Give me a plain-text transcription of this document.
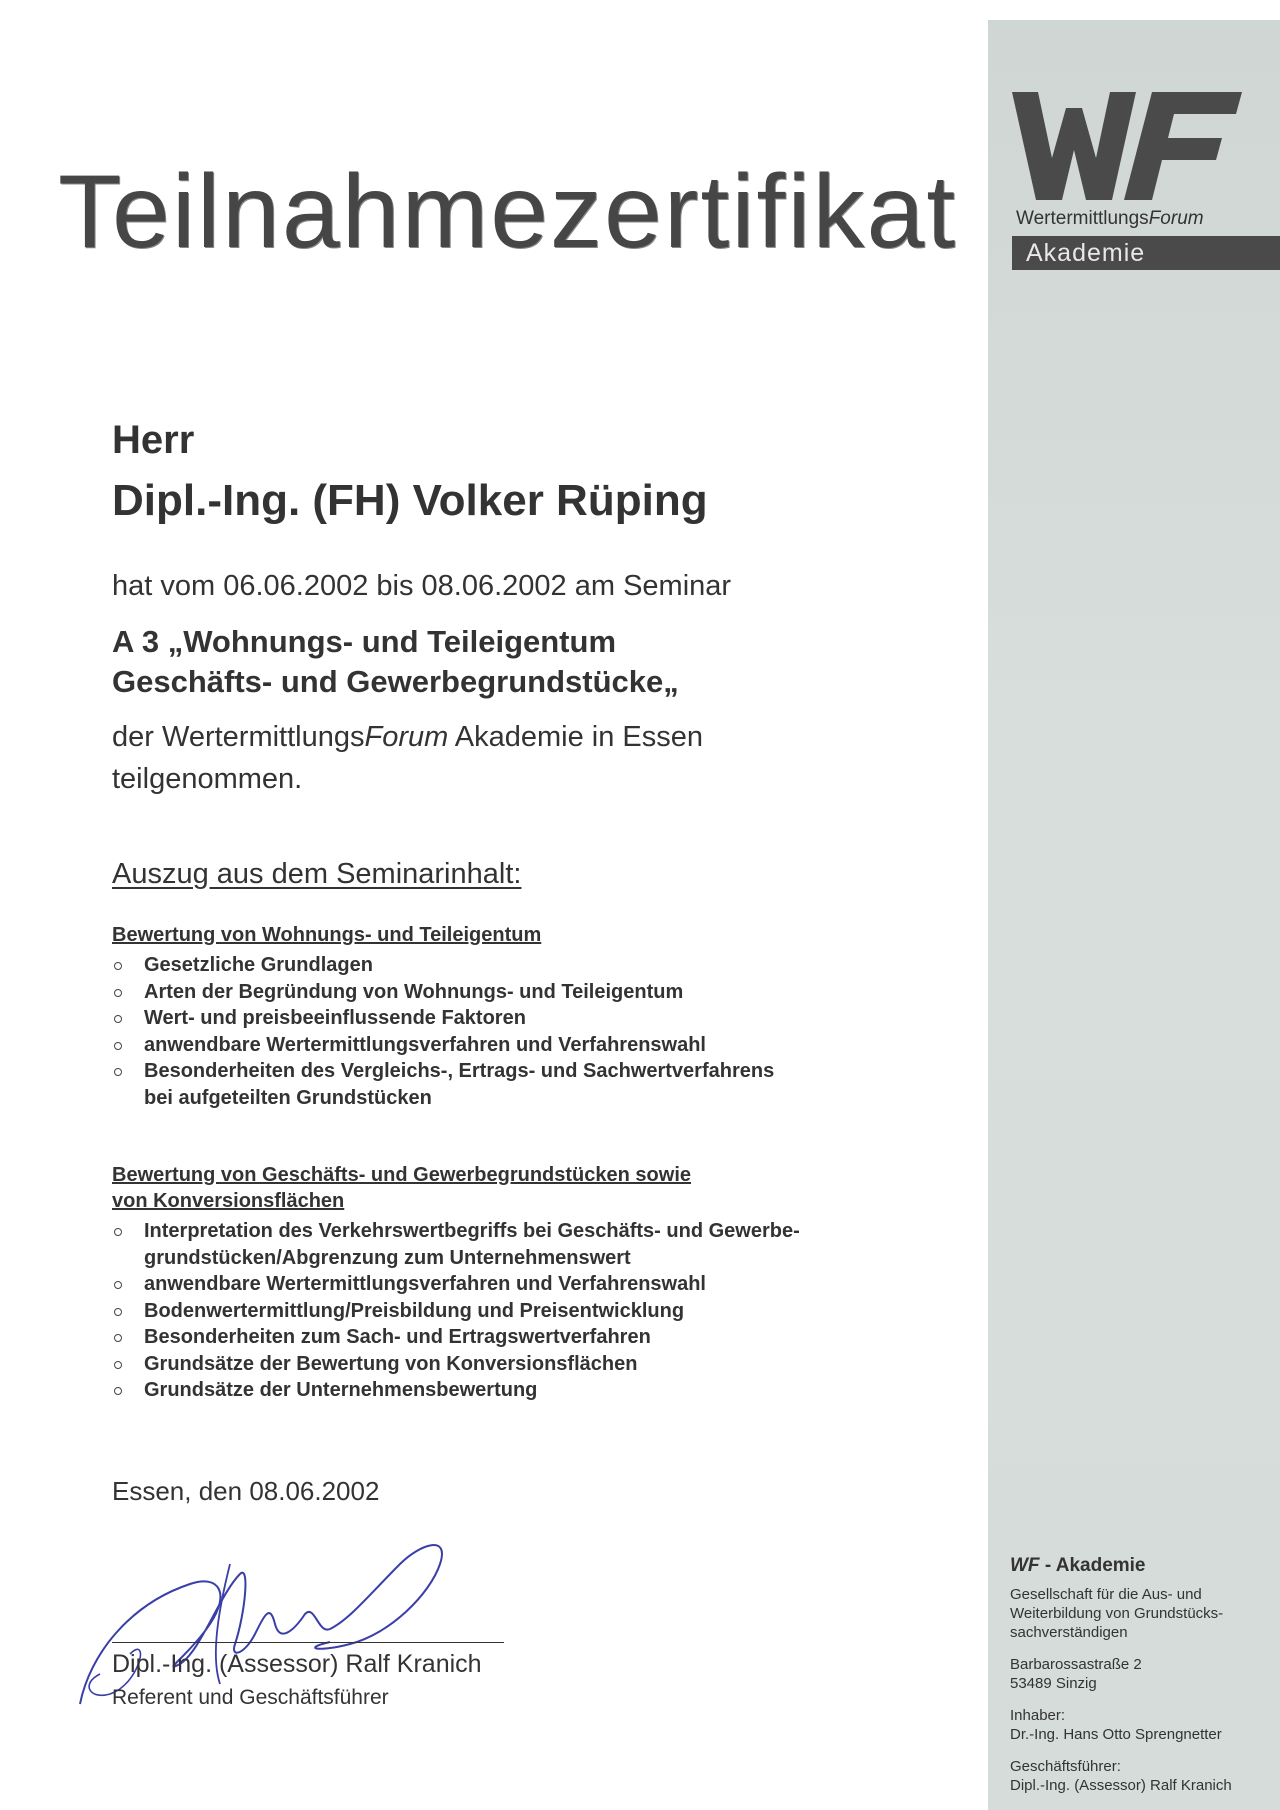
WertermittlungsForum
Akademie
Teilnahmezertifikat
Herr
Dipl.-Ing. (FH) Volker Rüping
hat vom 06.06.2002 bis 08.06.2002 am Seminar
A 3 „Wohnungs- und Teileigentum
Geschäfts- und Gewerbegrundstücke„
der WertermittlungsForum Akademie in Essen
teilgenommen.
Auszug aus dem Seminarinhalt:
Bewertung von Wohnungs- und Teileigentum
Gesetzliche Grundlagen
Arten der Begründung von Wohnungs- und Teileigentum
Wert- und preisbeeinflussende Faktoren
anwendbare Wertermittlungsverfahren und Verfahrenswahl
Besonderheiten des Vergleichs-, Ertrags- und Sachwertverfahrens
bei aufgeteilten Grundstücken
Bewertung von Geschäfts- und Gewerbegrundstücken sowie
von Konversionsflächen
Interpretation des Verkehrswertbegriffs bei Geschäfts- und Gewerbe-
grundstücken/Abgrenzung zum Unternehmenswert
anwendbare Wertermittlungsverfahren und Verfahrenswahl
Bodenwertermittlung/Preisbildung und Preisentwicklung
Besonderheiten zum Sach- und Ertragswertverfahren
Grundsätze der Bewertung von Konversionsflächen
Grundsätze der Unternehmensbewertung
Essen, den 08.06.2002
Dipl.-Ing. (Assessor) Ralf Kranich
Referent und Geschäftsführer
WF - Akademie
Gesellschaft für die Aus- und
Weiterbildung von Grundstücks-
sachverständigen
Barbarossastraße 2
53489 Sinzig
Inhaber:
Dr.-Ing. Hans Otto Sprengnetter
Geschäftsführer:
Dipl.-Ing. (Assessor) Ralf Kranich
